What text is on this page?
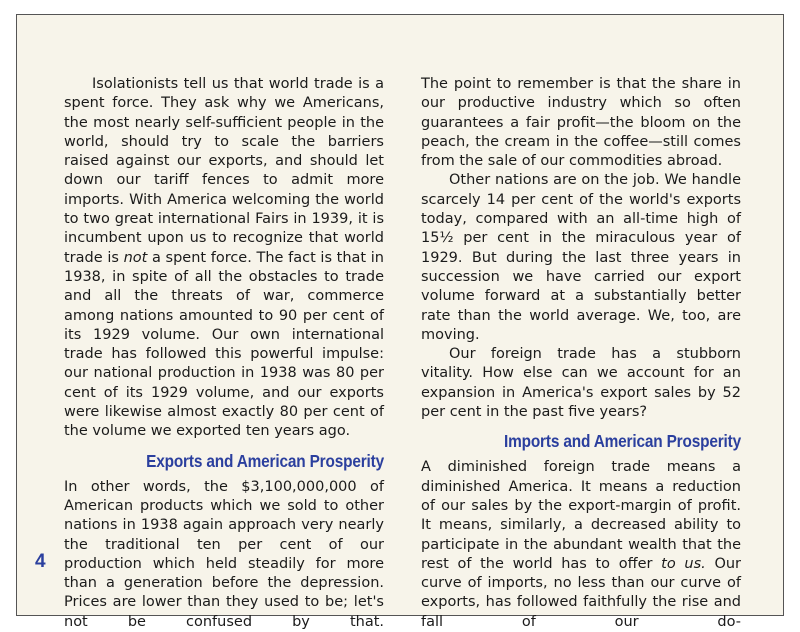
Isolationists tell us that world trade is a spent force. They ask why we Americans, the most nearly self-sufficient people in the world, should try to scale the barriers raised against our exports, and should let down our tariff fences to admit more imports. With America welcoming the world to two great international Fairs in 1939, it is incumbent upon us to recognize that world trade is not a spent force. The fact is that in 1938, in spite of all the obstacles to trade and all the threats of war, commerce among nations amounted to 90 per cent of its 1929 volume. Our own international trade has followed this powerful impulse: our national production in 1938 was 80 per cent of its 1929 volume, and our exports were likewise almost exactly 80 per cent of the volume we exported ten years ago.

Exports and American Prosperity

In other words, the $3,100,000,000 of American products which we sold to other nations in 1938 again approach very nearly the traditional ten per cent of our production which held steadily for more than a generation before the depression. Prices are lower than they used to be; let's not be confused by that.

The point to remember is that the share in our productive industry which so often guarantees a fair profit—the bloom on the peach, the cream in the coffee—still comes from the sale of our commodities abroad.

Other nations are on the job. We handle scarcely 14 per cent of the world's exports today, compared with an all-time high of 15½ per cent in the miraculous year of 1929. But during the last three years in succession we have carried our export volume forward at a substantially better rate than the world average. We, too, are moving.

Our foreign trade has a stubborn vitality. How else can we account for an expansion in America's export sales by 52 per cent in the past five years?

Imports and American Prosperity

A diminished foreign trade means a diminished America. It means a reduction of our sales by the export-margin of profit. It means, similarly, a decreased ability to participate in the abundant wealth that the rest of the world has to offer to us. Our curve of imports, no less than our curve of exports, has followed faithfully the rise and fall of our do-

4
